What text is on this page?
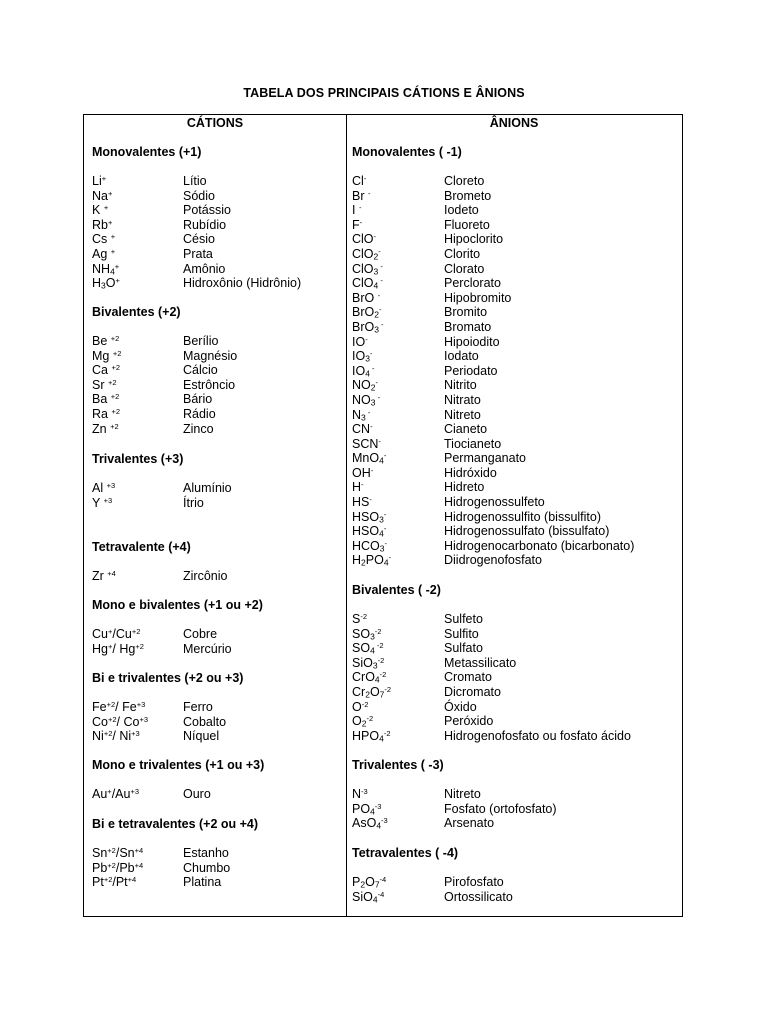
TABELA DOS PRINCIPAIS CÁTIONS E ÂNIONS
CÁTIONS
Monovalentes (+1)
Li+	Lítio
Na+	Sódio
K +	Potássio
Rb+	Rubídio
Cs +	Césio
Ag +	Prata
$NH_4^+$	Amônio
$H_3O^+$	Hidroxônio (Hidrônio)
Bivalentes (+2)
Be $^{+2}$	Berílio
Mg $^{+2}$	Magnésio
Ca $^{+2}$	Cálcio
Sr $^{+2}$	Estrôncio
Ba $^{+2}$	Bário
Ra $^{+2}$	Rádio
Zn $^{+2}$	Zinco
Trivalentes (+3)
Al $^{+3}$	Alumínio
Y $^{+3}$	Ítrio
Tetravalente (+4)
Zr $^{+4}$	Zircônio
Mono e bivalentes (+1 ou +2)
$Cu^+/Cu^{+2}$	Cobre
Hg+/ $Hg^{+2}$	Mercúrio
Bi e trivalentes (+2 ou +3)
$Fe^{+2}/$ $Fe^{+3}$	Ferro
$Co^{+2}/$ $Co^{+3}$	Cobalto
$Ni^{+2}/$ $Ni^{+3}$	Níquel
Mono e trivalentes (+1 ou +3)
$Au^+/Au^{+3}$	Ouro
Bi e tetravalentes (+2 ou +4)
$Sn^{+2}/Sn^{+4}$	Estanho
$Pb^{+2}/Pb^{+4}$	Chumbo
$Pt^{+2}/Pt^{+4}$	Platina
ÂNIONS
Monovalentes ( -1)
Cl-	Cloreto
Br -	Brometo
I -	Iodeto
F-	Fluoreto
ClO-	Hipoclorito
ClO$_2$-	Clorito
ClO$_3$ -	Clorato
ClO$_4$ -	Perclorato
BrO -	Hipobromito
BrO$_2$-	Bromito
BrO$_3$ -	Bromato
IO-	Hipoiodito
$IO_3^-$	Iodato
$IO_4$ -	Periodato
$NO_2^-$	Nitrito
$NO_3$ -	Nitrato
$N_3$ -	Nitreto
CN-	Cianeto
SCN-	Tiocianeto
MnO$_4$-	Permanganato
OH-	Hidróxido
H-	Hidreto
HS-	Hidrogenossulfeto
$HSO_3^-$	Hidrogenossulfito (bissulfito)
$HSO_4^-$	Hidrogenossulfato (bissulfato)
$HCO_3^-$	Hidrogenocarbonato (bicarbonato)
$H_2PO_4^-$	Diidrogenofosfato
Bivalentes ( -2)
$S^{-2}$	Sulfeto
$SO_3^{-2}$	Sulfito
$SO_4$ $^{-2}$	Sulfato
SiO$_3^{-2}$	Metassilicato
CrO$_4^{-2}$	Cromato
$Cr_2O_7^{-2}$	Dicromato
$O^{-2}$	Óxido
$O_2^{-2}$	Peróxido
$HPO_4^{-2}$	Hidrogenofosfato ou fosfato ácido
Trivalentes ( -3)
$N^{-3}$	Nitreto
$PO_4^{-3}$	Fosfato (ortofosfato)
AsO$_4^{-3}$	Arsenato
Tetravalentes ( -4)
$P_2O_7^{-4}$	Pirofosfato
SiO$_4^{-4}$	Ortossilicato
